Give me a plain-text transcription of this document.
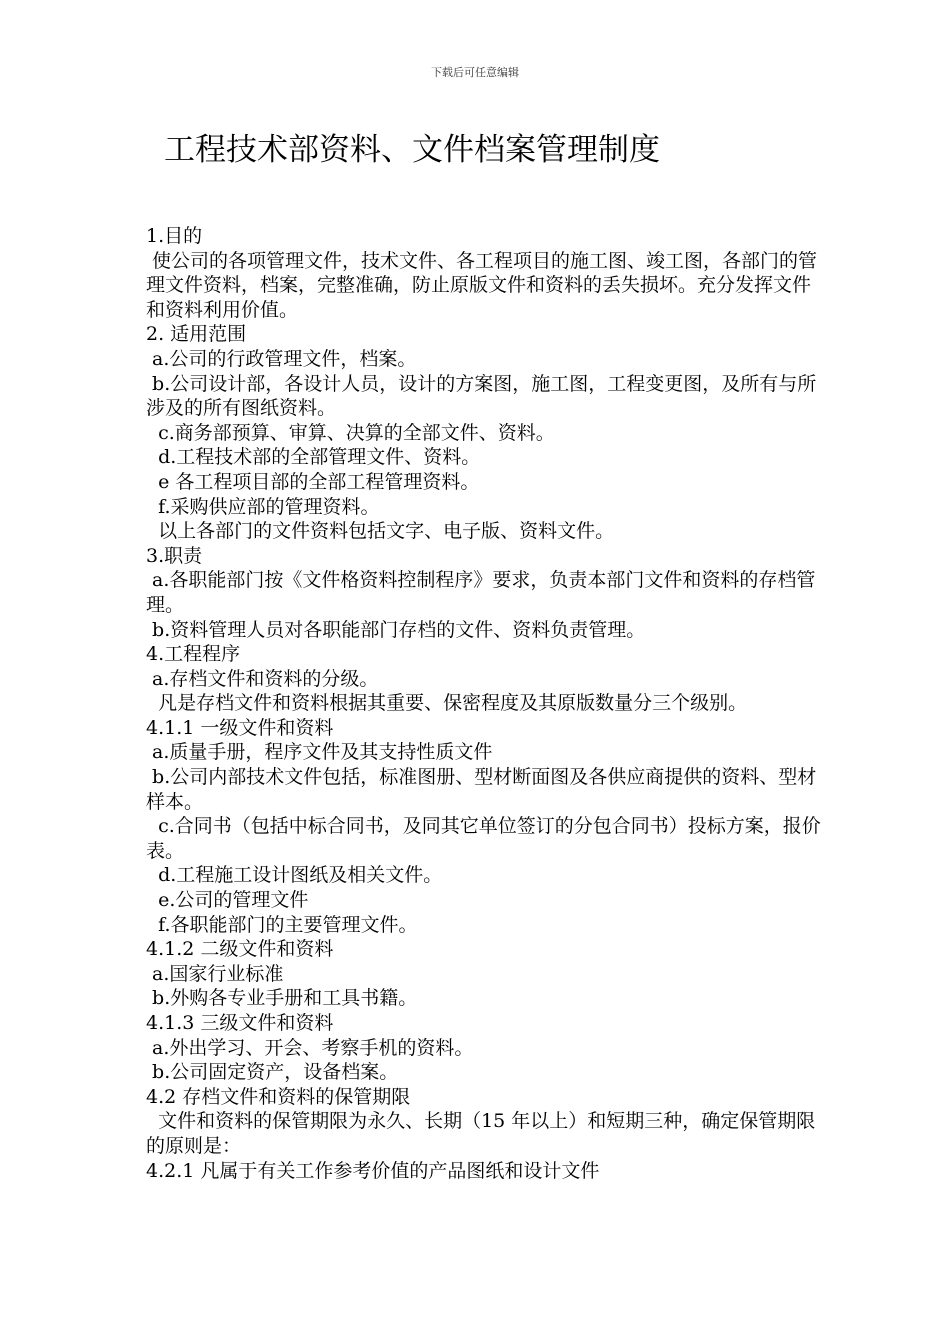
下载后可任意编辑
工程技术部资料、文件档案管理制度

1.目的

使公司的各项管理文件，技术文件、各工程项目的施工图、竣工图，各部门的管理文件资料，档案，完整准确，防止原版文件和资料的丢失损坏。充分发挥文件和资料利用价值。

2. 适用范围

a.公司的行政管理文件，档案。

b.公司设计部，各设计人员，设计的方案图，施工图，工程变更图，及所有与所涉及的所有图纸资料。

c.商务部预算、审算、决算的全部文件、资料。

d.工程技术部的全部管理文件、资料。

e 各工程项目部的全部工程管理资料。

f.采购供应部的管理资料。

以上各部门的文件资料包括文字、电子版、资料文件。

3.职责

a.各职能部门按《文件格资料控制程序》要求，负责本部门文件和资料的存档管理。

b.资料管理人员对各职能部门存档的文件、资料负责管理。

4.工程程序

a.存档文件和资料的分级。

凡是存档文件和资料根据其重要、保密程度及其原版数量分三个级别。

4.1.1 一级文件和资料

a.质量手册，程序文件及其支持性质文件

b.公司内部技术文件包括，标准图册、型材断面图及各供应商提供的资料、型材样本。

c.合同书（包括中标合同书，及同其它单位签订的分包合同书）投标方案，报价表。

d.工程施工设计图纸及相关文件。

e.公司的管理文件

f.各职能部门的主要管理文件。

4.1.2 二级文件和资料

a.国家行业标准

b.外购各专业手册和工具书籍。

4.1.3 三级文件和资料

a.外出学习、开会、考察手机的资料。

b.公司固定资产，设备档案。

4.2 存档文件和资料的保管期限

文件和资料的保管期限为永久、长期（15 年以上）和短期三种，确定保管期限的原则是：

4.2.1 凡属于有关工作参考价值的产品图纸和设计文件
